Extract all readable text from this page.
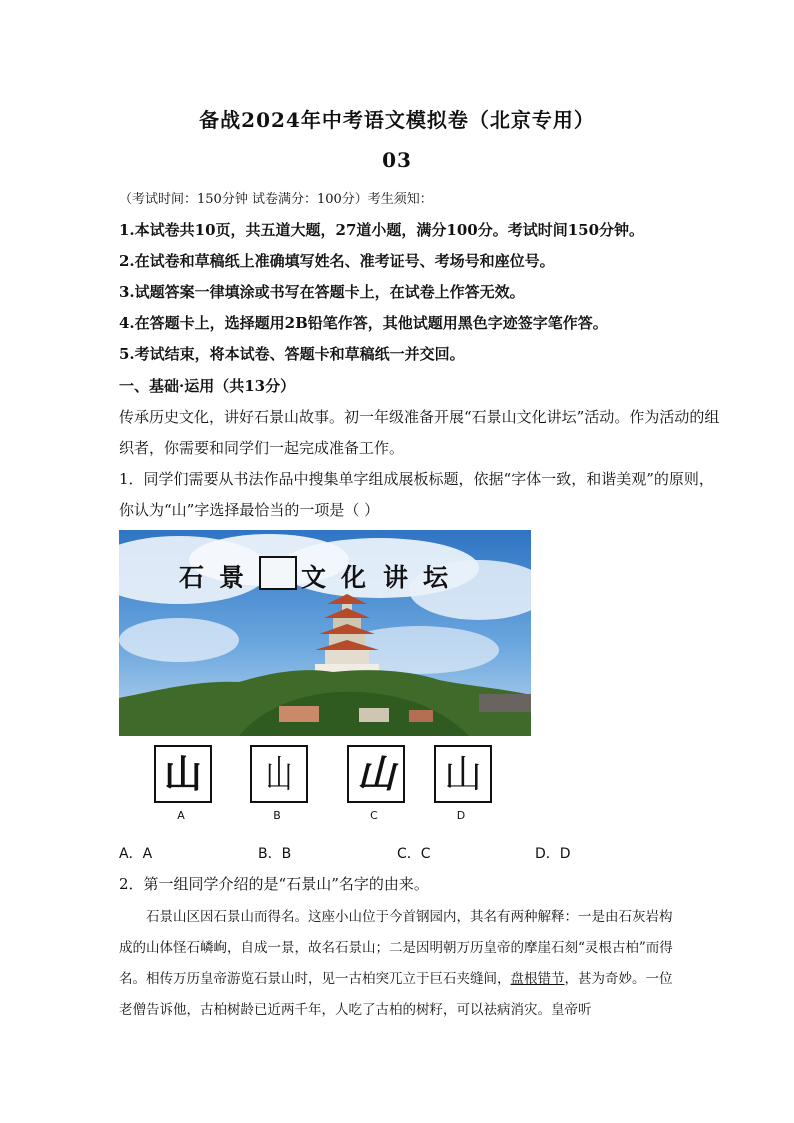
备战2024年中考语文模拟卷（北京专用）
03
（考试时间：150分钟 试卷满分：100分）考生须知：
1.本试卷共10页，共五道大题，27道小题，满分100分。考试时间150分钟。
2.在试卷和草稿纸上准确填写姓名、准考证号、考场号和座位号。
3.试题答案一律填涂或书写在答题卡上，在试卷上作答无效。
4.在答题卡上，选择题用2B铅笔作答，其他试题用黑色字迹签字笔作答。
5.考试结束，将本试卷、答题卡和草稿纸一并交回。
一、基础·运用（共13分）
传承历史文化，讲好石景山故事。初一年级准备开展“石景山文化讲坛”活动。作为活动的组
织者，你需要和同学们一起完成准备工作。
1．同学们需要从书法作品中搜集单字组成展板标题，依据“字体一致，和谐美观”的原则，
你认为“山”字选择最恰当的一项是（ ）
石 景 文 化 讲 坛
山
A
山
B
山
C
山
D
A．A	B．B	C．C	D．D
2．第一组同学介绍的是“石景山”名字的由来。
石景山区因石景山而得名。这座小山位于今首钢园内，其名有两种解释：一是由石灰岩构成的山体怪石嶙峋，自成一景，故名石景山；二是因明朝万历皇帝的摩崖石刻“灵根古柏”而得名。相传万历皇帝游览石景山时，见一古柏突兀立于巨石夹缝间，盘根错节，甚为奇妙。一位老僧告诉他，古柏树龄已近两千年，人吃了古柏的树籽，可以祛病消灾。皇帝听
